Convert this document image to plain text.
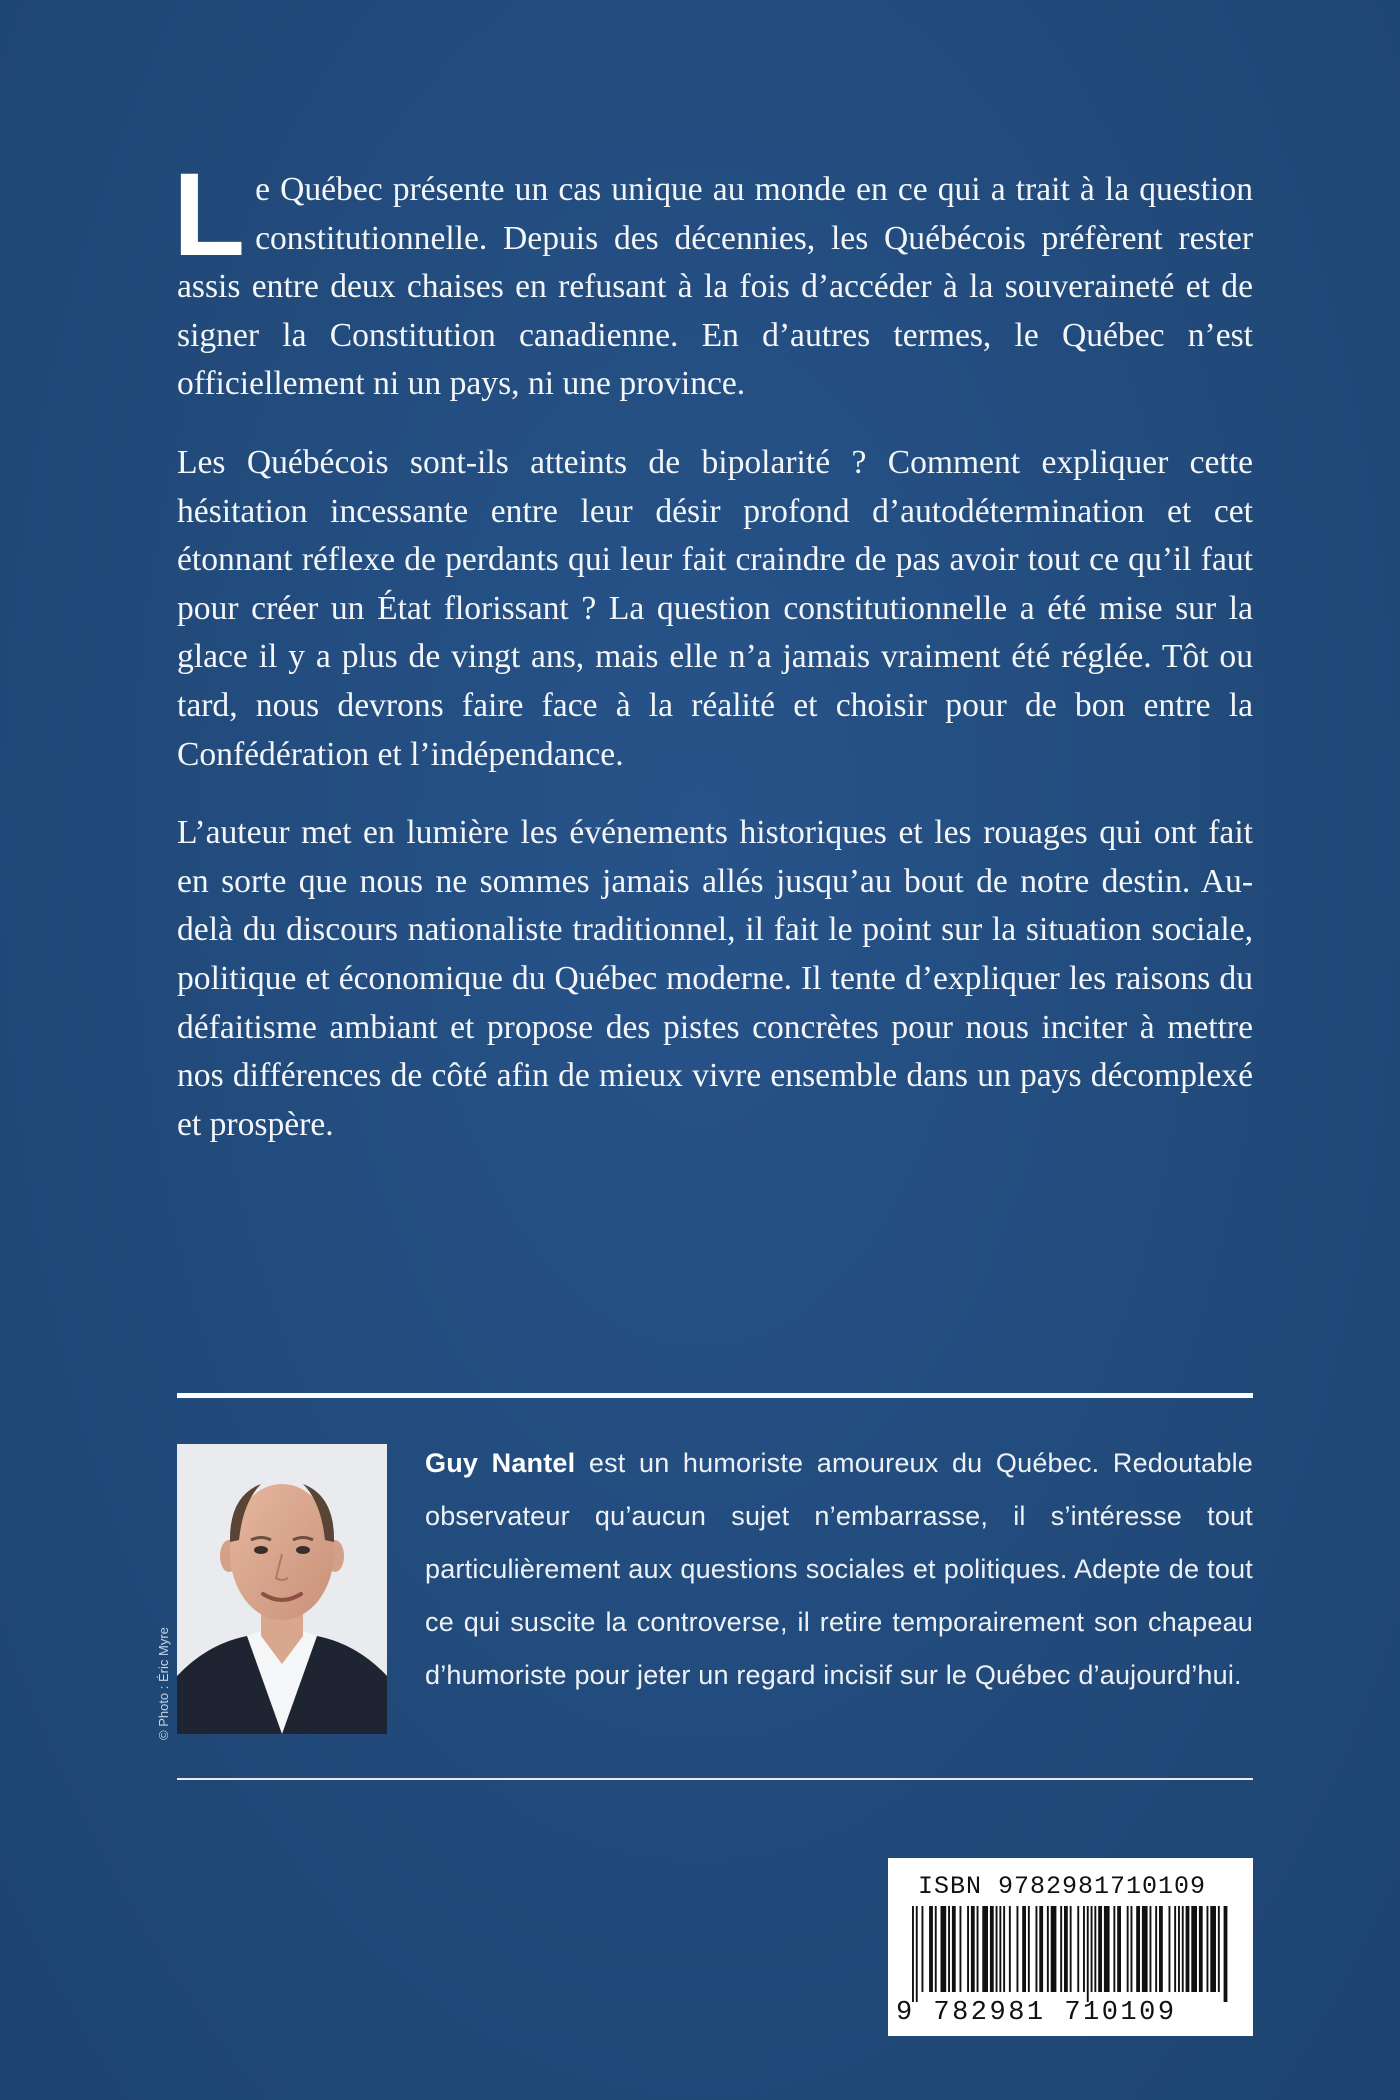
Le Québec présente un cas unique au monde en ce qui a trait à la question constitutionnelle. Depuis des décennies, les Québécois préfèrent rester assis entre deux chaises en refusant à la fois d’accéder à la souveraineté et de signer la Constitution canadienne. En d’autres termes, le Québec n’est officiellement ni un pays, ni une province.

Les Québécois sont-ils atteints de bipolarité ? Comment expliquer cette hésitation incessante entre leur désir profond d’autodétermination et cet étonnant réflexe de perdants qui leur fait craindre de pas avoir tout ce qu’il faut pour créer un État florissant ? La question constitutionnelle a été mise sur la glace il y a plus de vingt ans, mais elle n’a jamais vraiment été réglée. Tôt ou tard, nous devrons faire face à la réalité et choisir pour de bon entre la Confédération et l’indépendance.

L’auteur met en lumière les événements historiques et les rouages qui ont fait en sorte que nous ne sommes jamais allés jusqu’au bout de notre destin. Au-delà du discours nationaliste traditionnel, il fait le point sur la situation sociale, politique et économique du Québec moderne. Il tente d’expliquer les raisons du défaitisme ambiant et propose des pistes concrètes pour nous inciter à mettre nos différences de côté afin de mieux vivre ensemble dans un pays décomplexé et prospère.

© Photo : Éric Myre
Guy Nantel est un humoriste amoureux du Québec. Redoutable observateur qu’aucun sujet n’embarrasse, il s’intéresse tout particulièrement aux questions sociales et politiques. Adepte de tout ce qui suscite la controverse, il retire temporairement son chapeau d’humoriste pour jeter un regard incisif sur le Québec d’aujourd’hui.
ISBN 9782981710109
9 782981 710109
